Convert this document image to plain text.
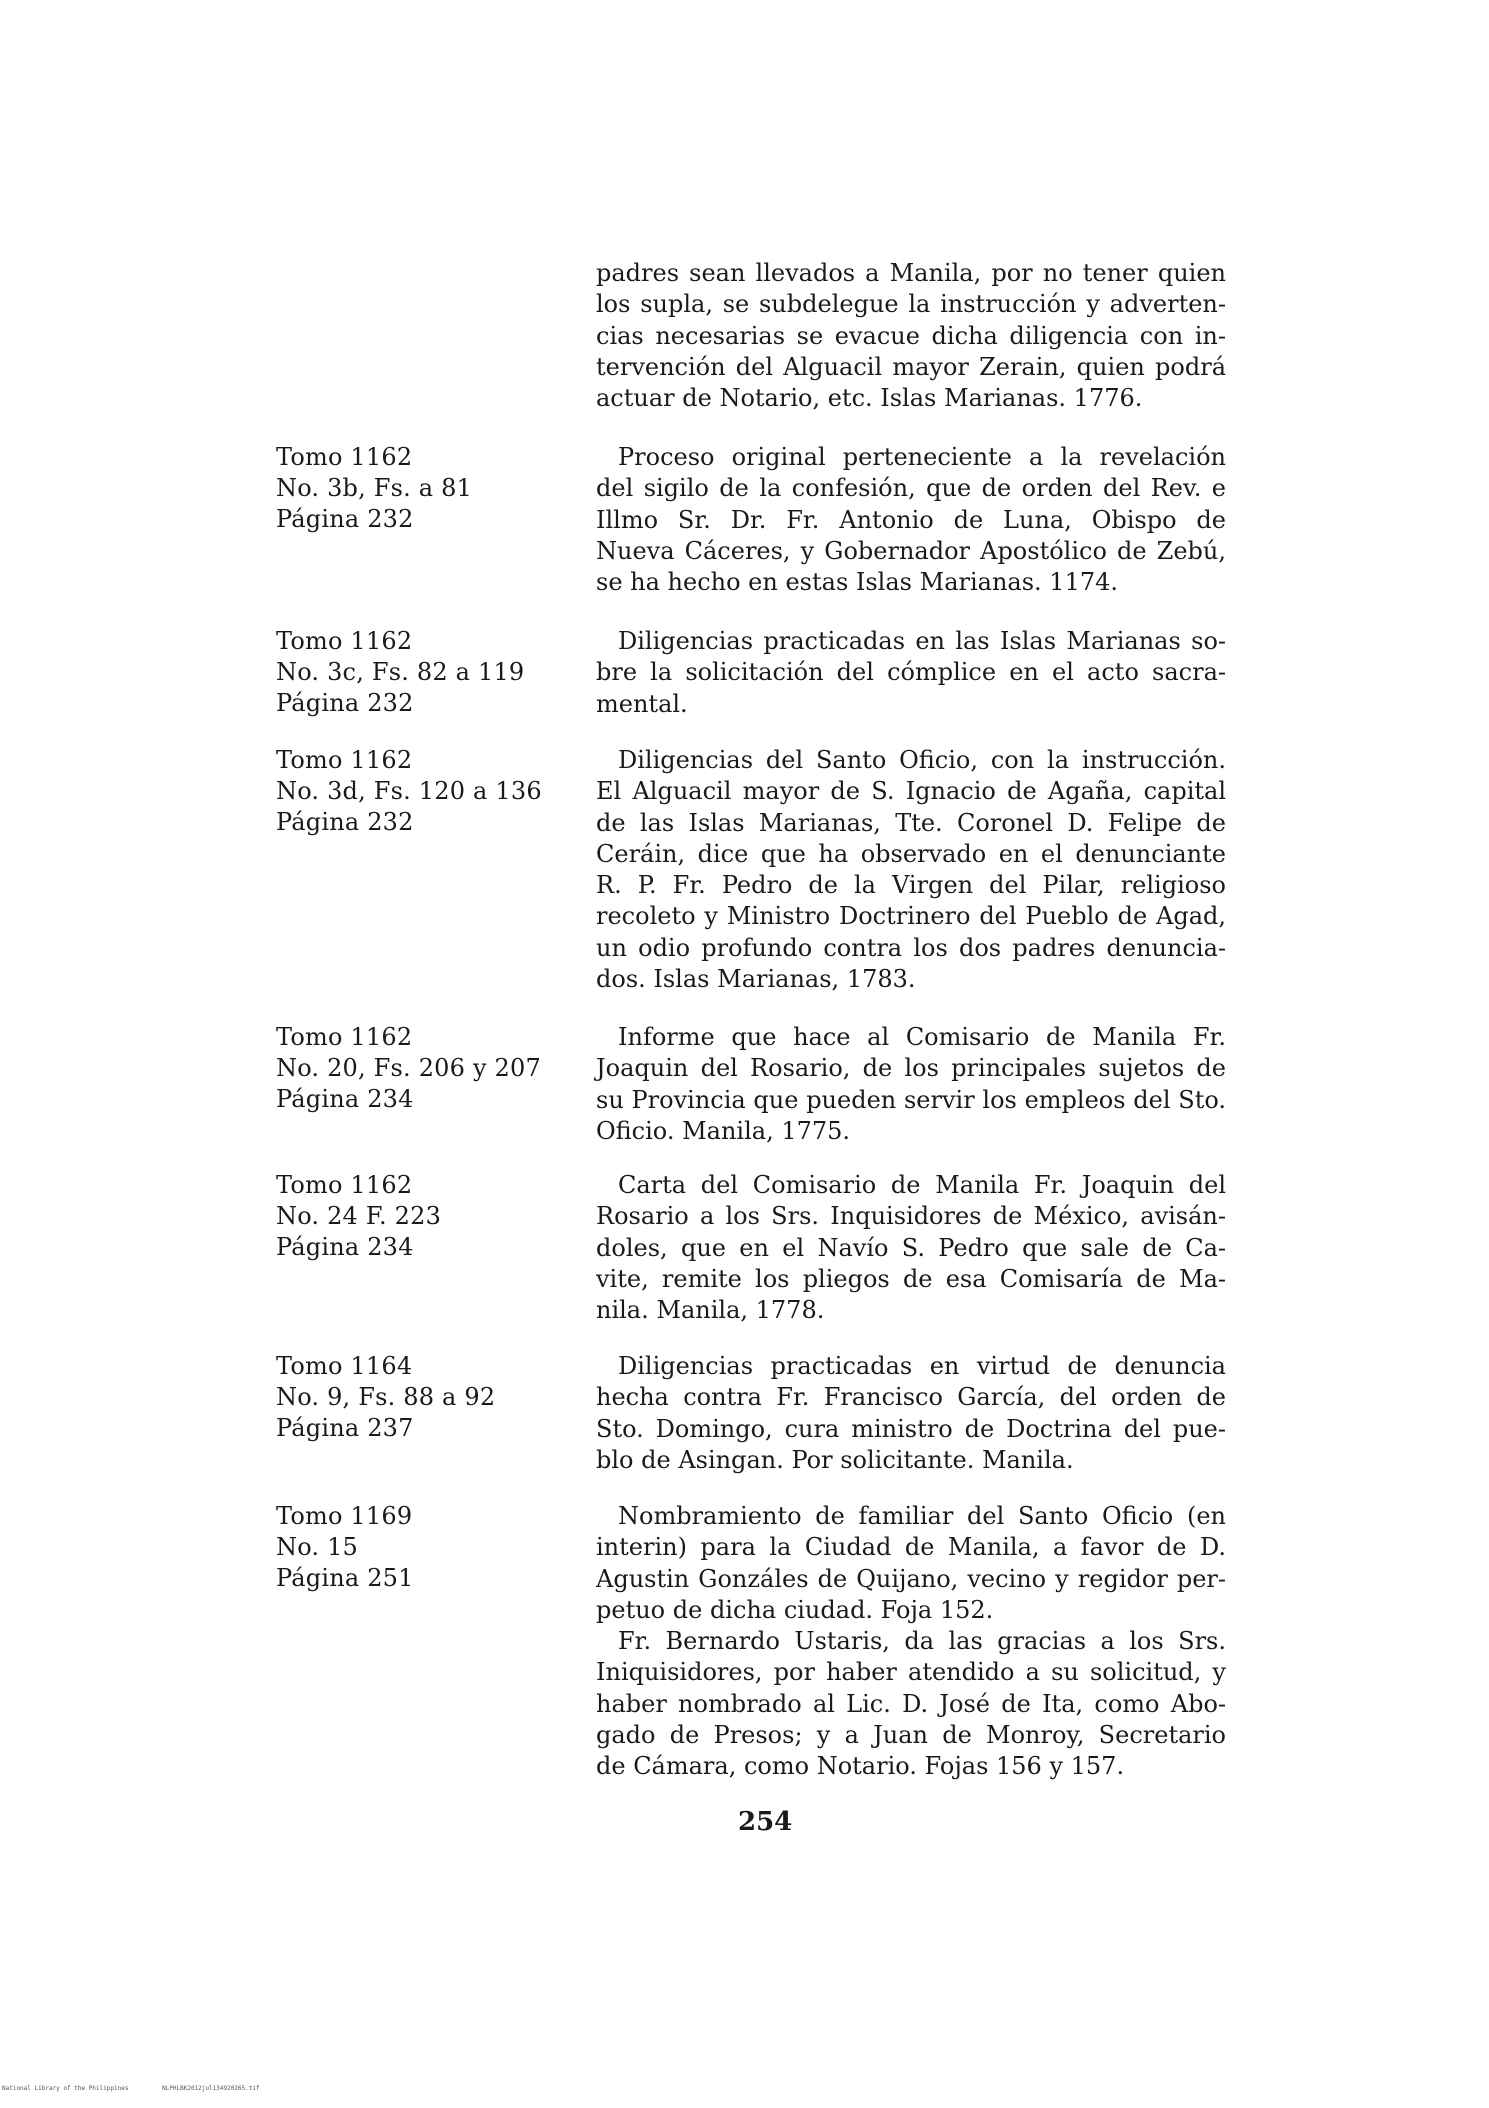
padres sean llevados a Manila, por no tener quien
los supla, se subdelegue la instrucción y adverten-
cias necesarias se evacue dicha diligencia con in-
tervención del Alguacil mayor Zerain, quien podrá
actuar de Notario, etc. Islas Marianas. 1776.
Tomo 1162
No. 3b, Fs. a 81
Página 232
Proceso original perteneciente a la revelación
del sigilo de la confesión, que de orden del Rev. e
Illmo Sr. Dr. Fr. Antonio de Luna, Obispo de
Nueva Cáceres, y Gobernador Apostólico de Zebú,
se ha hecho en estas Islas Marianas. 1174.
Tomo 1162
No. 3c, Fs. 82 a 119
Página 232
Diligencias practicadas en las Islas Marianas so-
bre la solicitación del cómplice en el acto sacra-
mental.
Tomo 1162
No. 3d, Fs. 120 a 136
Página 232
Diligencias del Santo Oficio, con la instrucción.
El Alguacil mayor de S. Ignacio de Agaña, capital
de las Islas Marianas, Tte. Coronel D. Felipe de
Ceráin, dice que ha observado en el denunciante
R. P. Fr. Pedro de la Virgen del Pilar, religioso
recoleto y Ministro Doctrinero del Pueblo de Agad,
un odio profundo contra los dos padres denuncia-
dos. Islas Marianas, 1783.
Tomo 1162
No. 20, Fs. 206 y 207
Página 234
Informe que hace al Comisario de Manila Fr.
Joaquin del Rosario, de los principales sujetos de
su Provincia que pueden servir los empleos del Sto.
Oficio. Manila, 1775.
Tomo 1162
No. 24 F. 223
Página 234
Carta del Comisario de Manila Fr. Joaquin del
Rosario a los Srs. Inquisidores de México, avisán-
doles, que en el Navío S. Pedro que sale de Ca-
vite, remite los pliegos de esa Comisaría de Ma-
nila. Manila, 1778.
Tomo 1164
No. 9, Fs. 88 a 92
Página 237
Diligencias practicadas en virtud de denuncia
hecha contra Fr. Francisco García, del orden de
Sto. Domingo, cura ministro de Doctrina del pue-
blo de Asingan. Por solicitante. Manila.
Tomo 1169
No. 15
Página 251
Nombramiento de familiar del Santo Oficio (en
interin) para la Ciudad de Manila, a favor de D.
Agustin Gonzáles de Quijano, vecino y regidor per-
petuo de dicha ciudad. Foja 152.
Fr. Bernardo Ustaris, da las gracias a los Srs.
Iniquisidores, por haber atendido a su solicitud, y
haber nombrado al Lic. D. José de Ita, como Abo-
gado de Presos; y a Juan de Monroy, Secretario
de Cámara, como Notario. Fojas 156 y 157.
254
National Library of the Philippines	NLPHLBK2012jul134920265.tif
